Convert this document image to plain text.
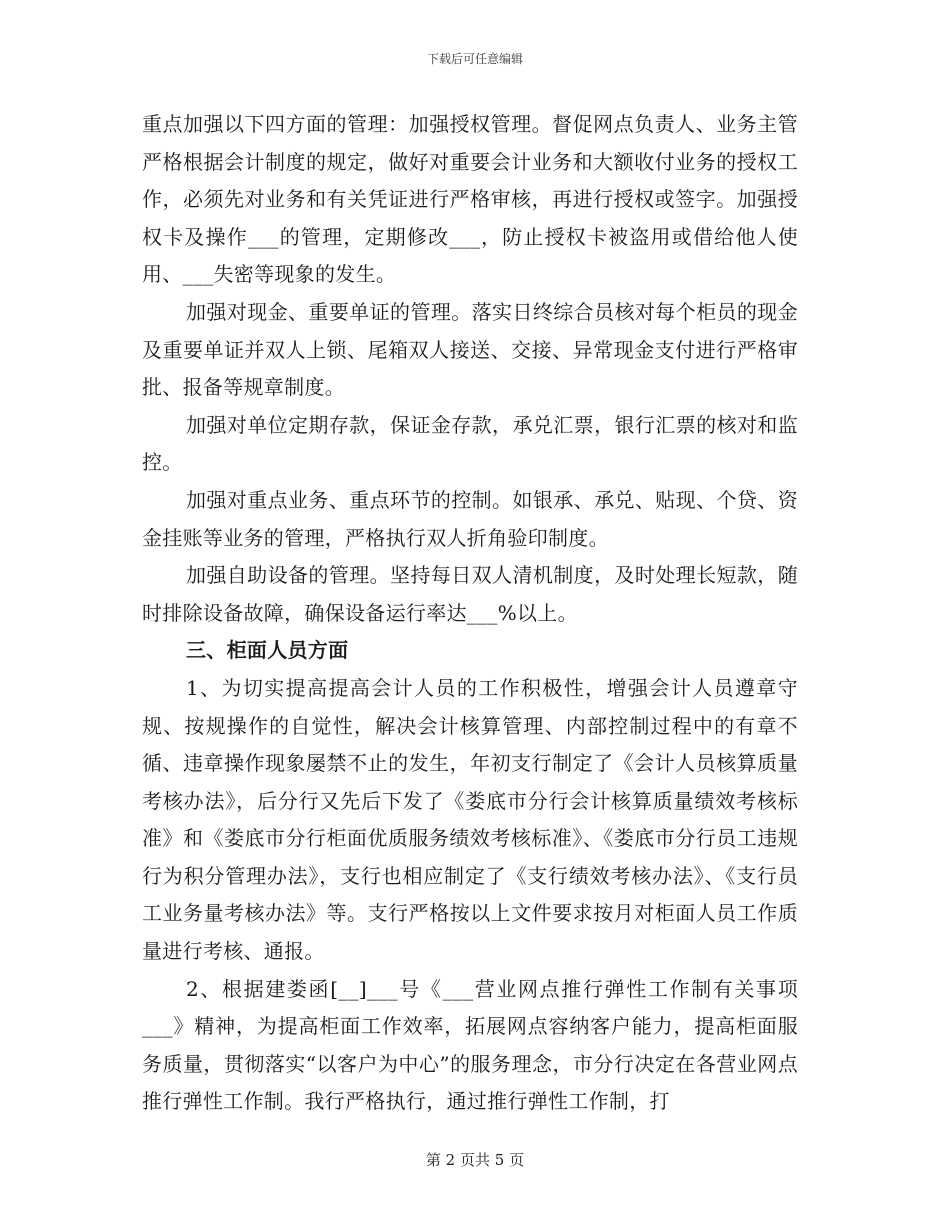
下载后可任意编辑

重点加强以下四方面的管理：加强授权管理。督促网点负责人、业务主管严格根据会计制度的规定，做好对重要会计业务和大额收付业务的授权工作，必须先对业务和有关凭证进行严格审核，再进行授权或签字。加强授权卡及操作___的管理，定期修改___，防止授权卡被盗用或借给他人使用、___失密等现象的发生。

加强对现金、重要单证的管理。落实日终综合员核对每个柜员的现金及重要单证并双人上锁、尾箱双人接送、交接、异常现金支付进行严格审批、报备等规章制度。

加强对单位定期存款，保证金存款，承兑汇票，银行汇票的核对和监控。

加强对重点业务、重点环节的控制。如银承、承兑、贴现、个贷、资金挂账等业务的管理，严格执行双人折角验印制度。

加强自助设备的管理。坚持每日双人清机制度，及时处理长短款，随时排除设备故障，确保设备运行率达___%以上。

三、柜面人员方面

1、为切实提高提高会计人员的工作积极性，增强会计人员遵章守规、按规操作的自觉性，解决会计核算管理、内部控制过程中的有章不循、违章操作现象屡禁不止的发生，年初支行制定了《会计人员核算质量考核办法》，后分行又先后下发了《娄底市分行会计核算质量绩效考核标准》和《娄底市分行柜面优质服务绩效考核标准》、《娄底市分行员工违规行为积分管理办法》，支行也相应制定了《支行绩效考核办法》、《支行员工业务量考核办法》等。支行严格按以上文件要求按月对柜面人员工作质量进行考核、通报。

2、根据建娄函[__]___号《___营业网点推行弹性工作制有关事项___》精神，为提高柜面工作效率，拓展网点容纳客户能力，提高柜面服务质量，贯彻落实“以客户为中心”的服务理念，市分行决定在各营业网点推行弹性工作制。我行严格执行，通过推行弹性工作制，打

第 2 页共 5 页
